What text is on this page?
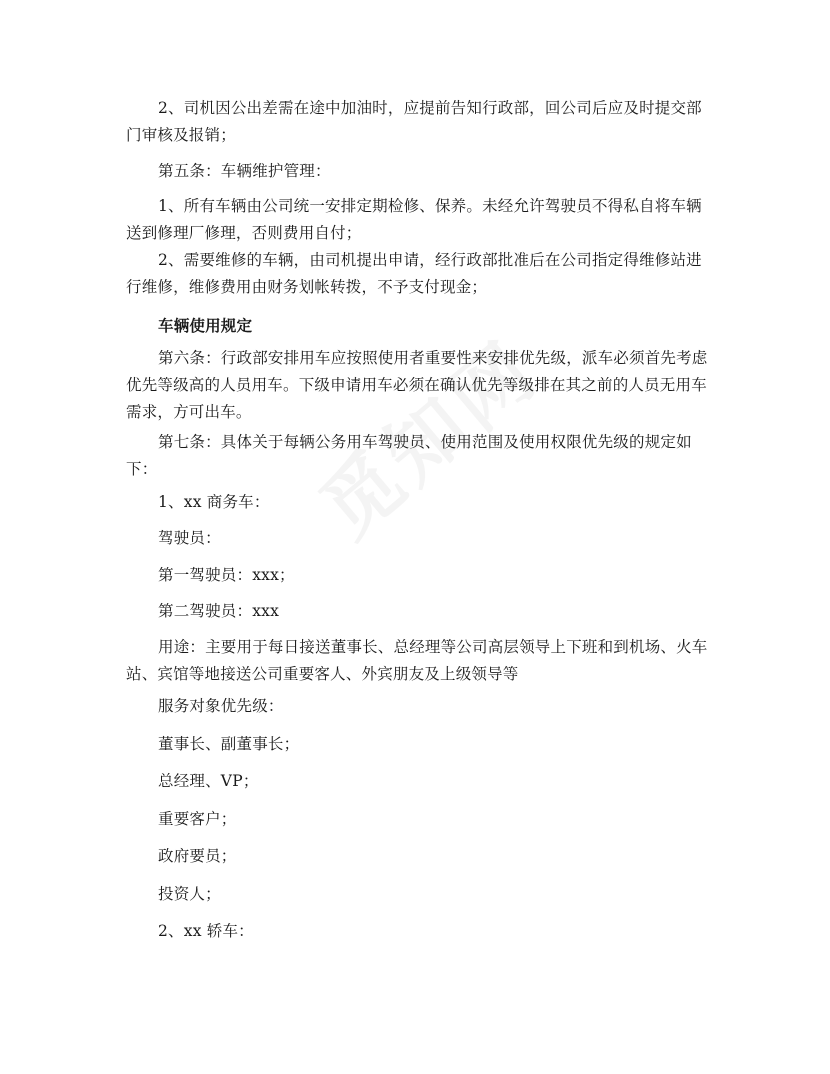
2、司机因公出差需在途中加油时，应提前告知行政部，回公司后应及时提交部门审核及报销；

第五条：车辆维护管理：

1、所有车辆由公司统一安排定期检修、保养。未经允许驾驶员不得私自将车辆送到修理厂修理，否则费用自付；

2、需要维修的车辆，由司机提出申请，经行政部批准后在公司指定得维修站进行维修，维修费用由财务划帐转拨，不予支付现金；

车辆使用规定

第六条：行政部安排用车应按照使用者重要性来安排优先级，派车必须首先考虑优先等级高的人员用车。下级申请用车必须在确认优先等级排在其之前的人员无用车需求，方可出车。

第七条：具体关于每辆公务用车驾驶员、使用范围及使用权限优先级的规定如下：

1、xx 商务车：

驾驶员：

第一驾驶员：xxx；

第二驾驶员：xxx

用途：主要用于每日接送董事长、总经理等公司高层领导上下班和到机场、火车站、宾馆等地接送公司重要客人、外宾朋友及上级领导等

服务对象优先级：

董事长、副董事长；

总经理、VP；

重要客户；

政府要员；

投资人；

2、xx 轿车：
